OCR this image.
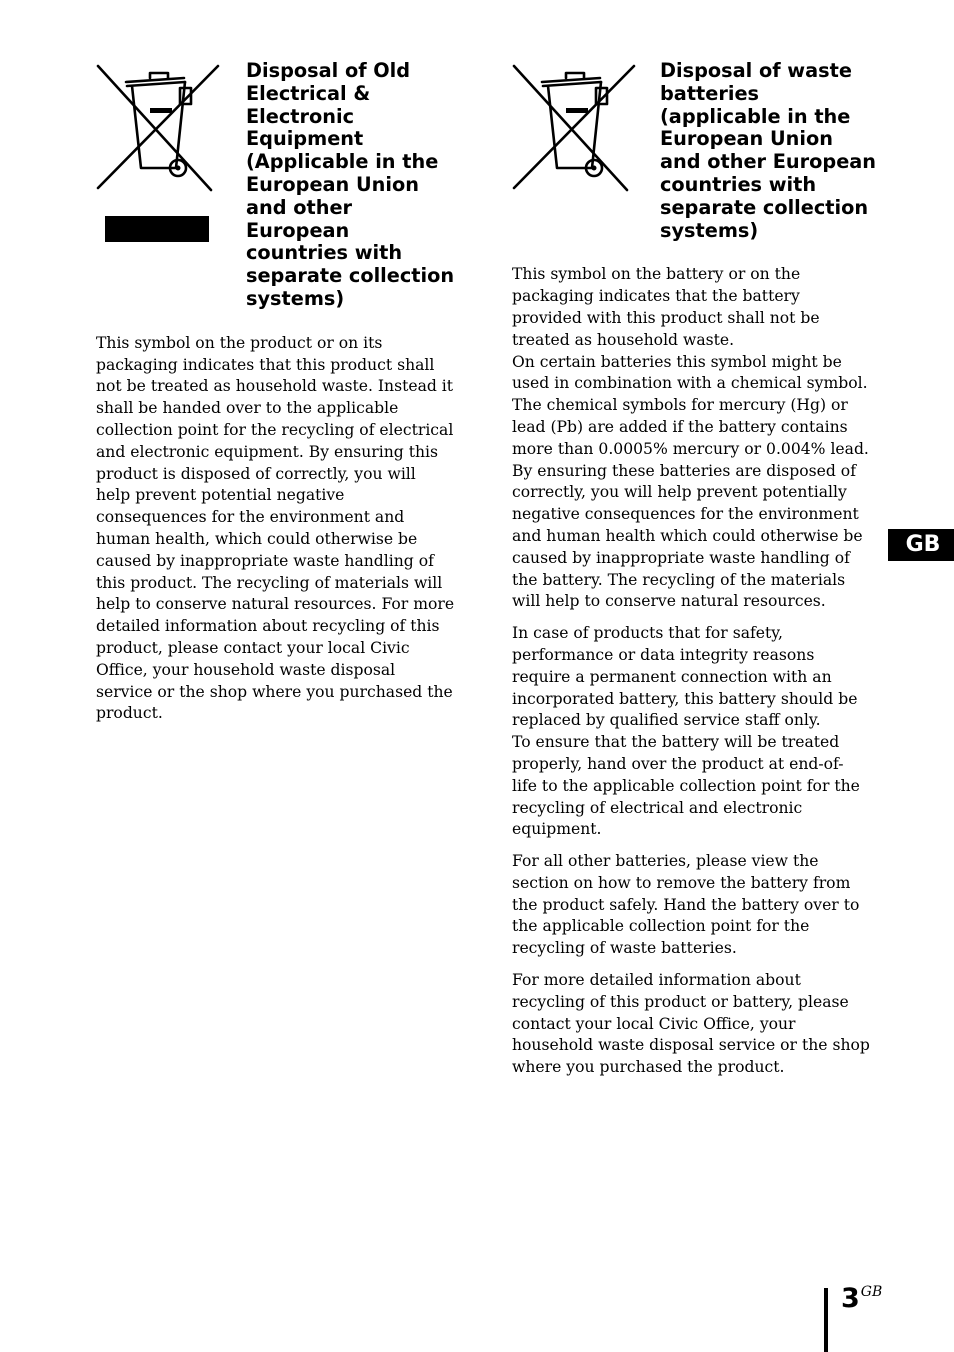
Disposal of Old
Electrical &
Electronic
Equipment
(Applicable in the
European Union
and other European
countries with
separate collection
systems)

This symbol on the product or on its
packaging indicates that this product shall
not be treated as household waste. Instead it
shall be handed over to the applicable
collection point for the recycling of electrical
and electronic equipment. By ensuring this
product is disposed of correctly, you will
help prevent potential negative
consequences for the environment and
human health, which could otherwise be
caused by inappropriate waste handling of
this product. The recycling of materials will
help to conserve natural resources. For more
detailed information about recycling of this
product, please contact your local Civic
Office, your household waste disposal
service or the shop where you purchased the
product.

Disposal of waste
batteries
(applicable in the
European Union
and other European
countries with
separate collection
systems)

This symbol on the battery or on the
packaging indicates that the battery
provided with this product shall not be
treated as household waste.
On certain batteries this symbol might be
used in combination with a chemical symbol.
The chemical symbols for mercury (Hg) or
lead (Pb) are added if the battery contains
more than 0.0005% mercury or 0.004% lead.
By ensuring these batteries are disposed of
correctly, you will help prevent potentially
negative consequences for the environment
and human health which could otherwise be
caused by inappropriate waste handling of
the battery. The recycling of the materials
will help to conserve natural resources.

In case of products that for safety,
performance or data integrity reasons
require a permanent connection with an
incorporated battery, this battery should be
replaced by qualified service staff only.
To ensure that the battery will be treated
properly, hand over the product at end-of-
life to the applicable collection point for the
recycling of electrical and electronic
equipment.

For all other batteries, please view the
section on how to remove the battery from
the product safely. Hand the battery over to
the applicable collection point for the
recycling of waste batteries.

For more detailed information about
recycling of this product or battery, please
contact your local Civic Office, your
household waste disposal service or the shop
where you purchased the product.

GB
3GB
